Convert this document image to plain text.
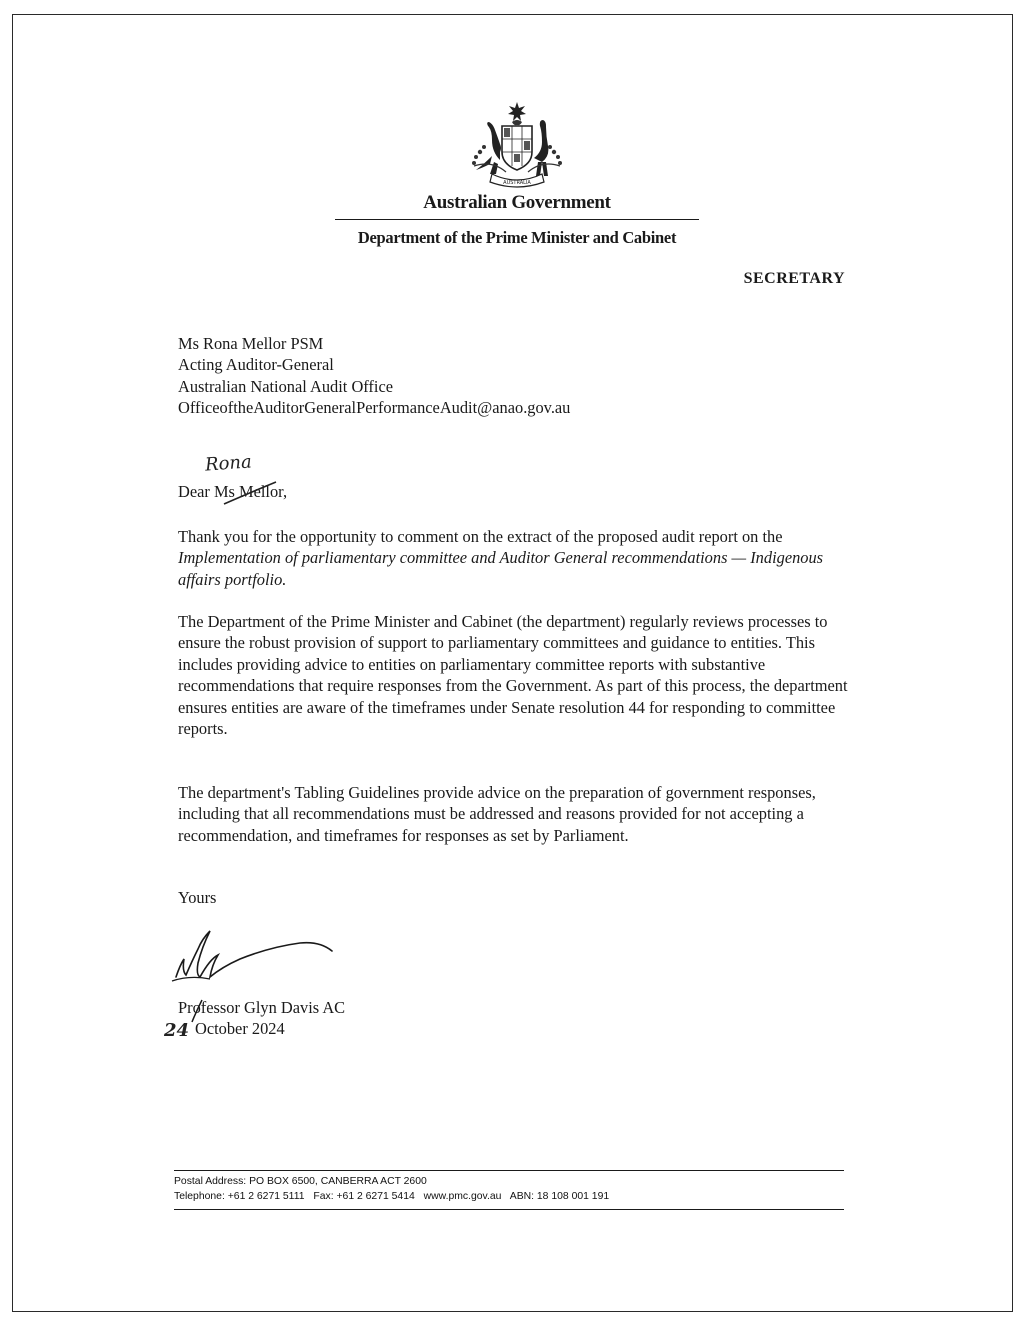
AUSTRALIA
Australian Government
Department of the Prime Minister and Cabinet
SECRETARY
Ms Rona Mellor PSM
Acting Auditor-General
Australian National Audit Office
OfficeoftheAuditorGeneralPerformanceAudit@anao.gov.au
Rona
Dear Ms Mellor,
Thank you for the opportunity to comment on the extract of the proposed audit report on the Implementation of parliamentary committee and Auditor General recommendations — Indigenous affairs portfolio.
The Department of the Prime Minister and Cabinet (the department) regularly reviews processes to ensure the robust provision of support to parliamentary committees and guidance to entities. This includes providing advice to entities on parliamentary committee reports with substantive recommendations that require responses from the Government. As part of this process, the department ensures entities are aware of the timeframes under Senate resolution 44 for responding to committee reports.
The department's Tabling Guidelines provide advice on the preparation of government responses, including that all recommendations must be addressed and reasons provided for not accepting a recommendation, and timeframes for responses as set by Parliament.
Yours
Professor Glyn Davis AC
24 October 2024
Postal Address: PO BOX 6500, CANBERRA ACT 2600
Telephone: +61 2 6271 5111 Fax: +61 2 6271 5414 www.pmc.gov.au ABN: 18 108 001 191
